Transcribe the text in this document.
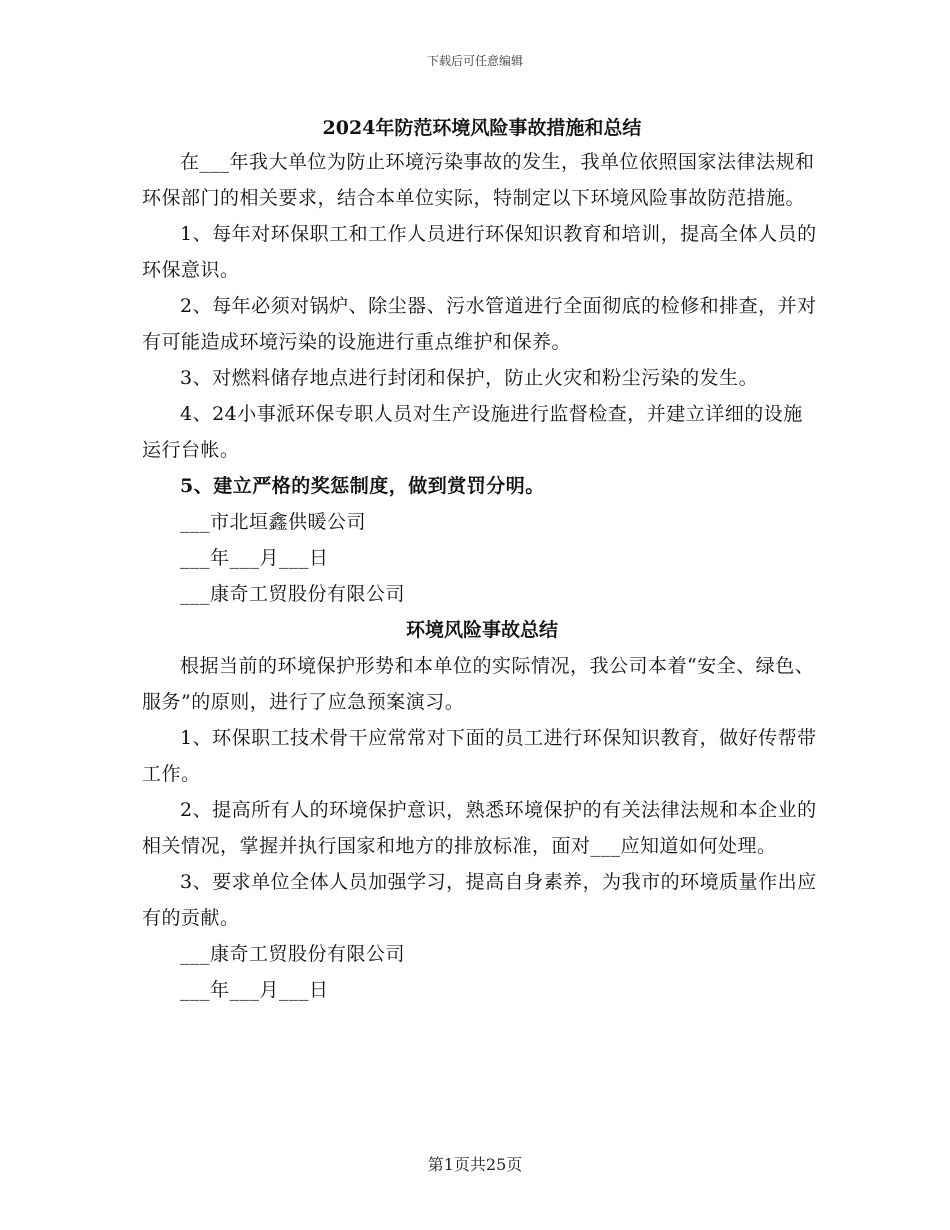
下载后可任意编辑
2024年防范环境风险事故措施和总结

在___年我大单位为防止环境污染事故的发生，我单位依照国家法律法规和环保部门的相关要求，结合本单位实际，特制定以下环境风险事故防范措施。

1、每年对环保职工和工作人员进行环保知识教育和培训，提高全体人员的环保意识。

2、每年必须对锅炉、除尘器、污水管道进行全面彻底的检修和排查，并对有可能造成环境污染的设施进行重点维护和保养。

3、对燃料储存地点进行封闭和保护，防止火灾和粉尘污染的发生。

4、24小事派环保专职人员对生产设施进行监督检查，并建立详细的设施运行台帐。

5、建立严格的奖惩制度，做到赏罚分明。

___市北垣鑫供暖公司

___年___月___日

___康奇工贸股份有限公司

环境风险事故总结

根据当前的环境保护形势和本单位的实际情况，我公司本着“安全、绿色、服务”的原则，进行了应急预案演习。

1、环保职工技术骨干应常常对下面的员工进行环保知识教育，做好传帮带工作。

2、提高所有人的环境保护意识，熟悉环境保护的有关法律法规和本企业的相关情况，掌握并执行国家和地方的排放标准，面对___应知道如何处理。

3、要求单位全体人员加强学习，提高自身素养，为我市的环境质量作出应有的贡献。

___康奇工贸股份有限公司

___年___月___日

第1页共25页
